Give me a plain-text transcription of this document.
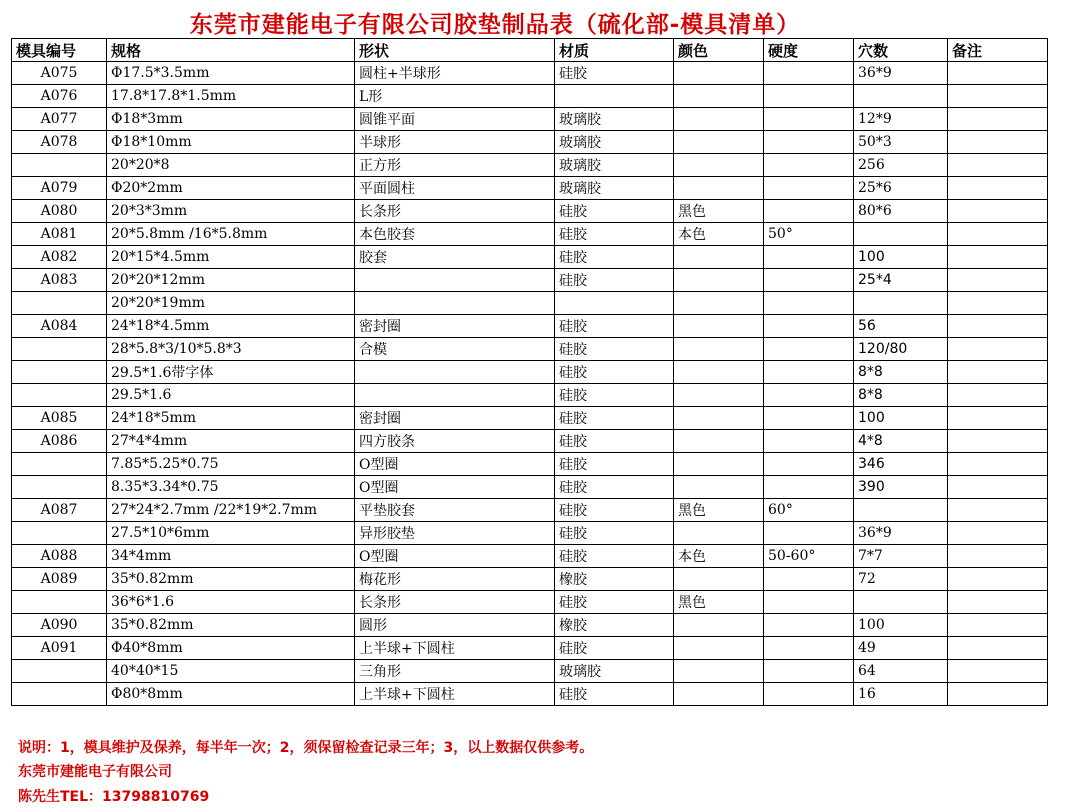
东莞市建能电子有限公司胶垫制品表（硫化部-模具清单）
模具编号	规格	形状	材质	颜色	硬度	穴数	备注
A075	Φ17.5*3.5mm	圆柱+半球形	硅胶			36*9	
A076	17.8*17.8*1.5mm	L形					
A077	Φ18*3mm	圆锥平面	玻璃胶			12*9	
A078	Φ18*10mm	半球形	玻璃胶			50*3	
	20*20*8	正方形	玻璃胶			256	
A079	Φ20*2mm	平面圆柱	玻璃胶			25*6	
A080	20*3*3mm	长条形	硅胶	黑色		80*6	
A081	20*5.8mm /16*5.8mm	本色胶套	硅胶	本色	50°		
A082	20*15*4.5mm	胶套	硅胶			100	
A083	20*20*12mm		硅胶			25*4	
	20*20*19mm						
A084	24*18*4.5mm	密封圈	硅胶			56	
	28*5.8*3/10*5.8*3	合模	硅胶			120/80	
	29.5*1.6带字体		硅胶			8*8	
	29.5*1.6		硅胶			8*8	
A085	24*18*5mm	密封圈	硅胶			100	
A086	27*4*4mm	四方胶条	硅胶			4*8	
	7.85*5.25*0.75	O型圈	硅胶			346	
	8.35*3.34*0.75	O型圈	硅胶			390	
A087	27*24*2.7mm /22*19*2.7mm	平垫胶套	硅胶	黑色	60°		
	27.5*10*6mm	异形胶垫	硅胶			36*9	
A088	34*4mm	O型圈	硅胶	本色	50-60°	7*7	
A089	35*0.82mm	梅花形	橡胶			72	
	36*6*1.6	长条形	硅胶	黑色			
A090	35*0.82mm	圆形	橡胶			100	
A091	Φ40*8mm	上半球+下圆柱	硅胶			49	
	40*40*15	三角形	玻璃胶			64	
	Φ80*8mm	上半球+下圆柱	硅胶			16	
说明：1，模具维护及保养，每半年一次；2，须保留检查记录三年；3，以上数据仅供参考。
东莞市建能电子有限公司
陈先生TEL：13798810769
